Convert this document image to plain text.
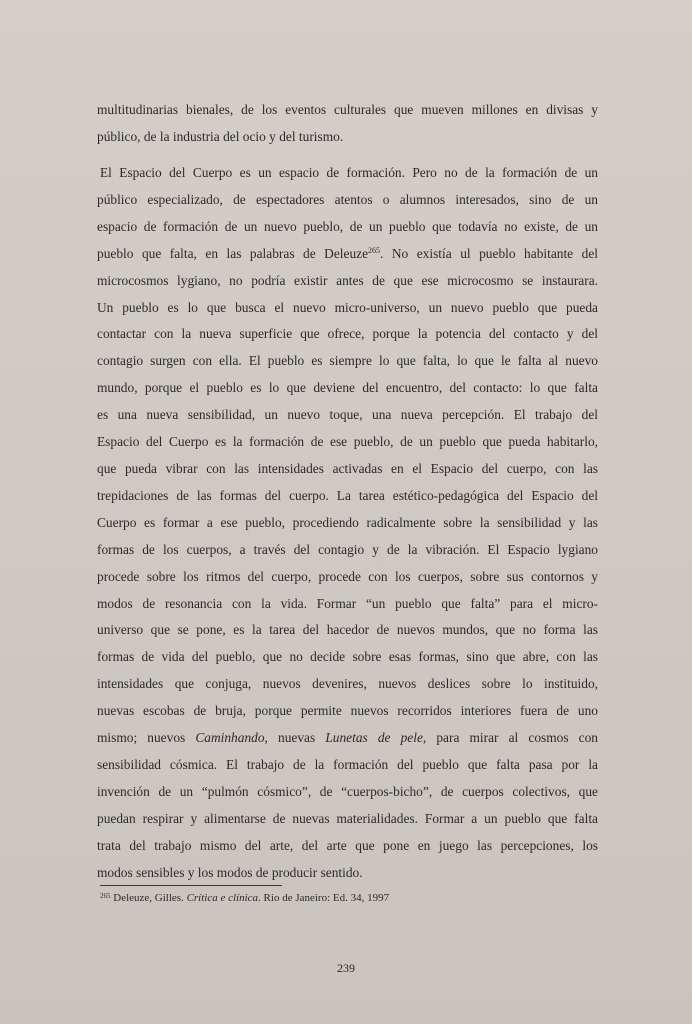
multitudinarias bienales, de los eventos culturales que mueven millones en divisas y
público, de la industria del ocio y del turismo.

El Espacio del Cuerpo es un espacio de formación. Pero no de la formación de un
público especializado, de espectadores atentos o alumnos interesados, sino de un
espacio de formación de un nuevo pueblo, de un pueblo que todavía no existe, de un
pueblo que falta, en las palabras de Deleuze$^{265}$. No existía ul pueblo habitante del
microcosmos lygiano, no podría existir antes de que ese microcosmo se instaurara.
Un pueblo es lo que busca el nuevo micro-universo, un nuevo pueblo que pueda
contactar con la nueva superficie que ofrece, porque la potencia del contacto y del
contagio surgen con ella. El pueblo es siempre lo que falta, lo que le falta al nuevo
mundo, porque el pueblo es lo que deviene del encuentro, del contacto: lo que falta
es una nueva sensibilidad, un nuevo toque, una nueva percepción. El trabajo del
Espacio del Cuerpo es la formación de ese pueblo, de un pueblo que pueda habitarlo,
que pueda vibrar con las intensidades activadas en el Espacio del cuerpo, con las
trepidaciones de las formas del cuerpo. La tarea estético-pedagógica del Espacio del
Cuerpo es formar a ese pueblo, procediendo radicalmente sobre la sensibilidad y las
formas de los cuerpos, a través del contagio y de la vibración. El Espacio lygiano
procede sobre los ritmos del cuerpo, procede con los cuerpos, sobre sus contornos y
modos de resonancia con la vida. Formar “un pueblo que falta” para el micro-
universo que se pone, es la tarea del hacedor de nuevos mundos, que no forma las
formas de vida del pueblo, que no decide sobre esas formas, sino que abre, con las
intensidades que conjuga, nuevos devenires, nuevos deslices sobre lo instituido,
nuevas escobas de bruja, porque permite nuevos recorridos interiores fuera de uno
mismo; nuevos Caminhando, nuevas Lunetas de pele, para mirar al cosmos con
sensibilidad cósmica. El trabajo de la formación del pueblo que falta pasa por la
invención de un “pulmón cósmico”, de “cuerpos-bicho”, de cuerpos colectivos, que
puedan respirar y alimentarse de nuevas materialidades. Formar a un pueblo que falta
trata del trabajo mismo del arte, del arte que pone en juego las percepciones, los
modos sensibles y los modos de producir sentido.

$^{265}$ Deleuze, Gilles. Crítica e clínica. Rio de Janeiro: Ed. 34, 1997
239
